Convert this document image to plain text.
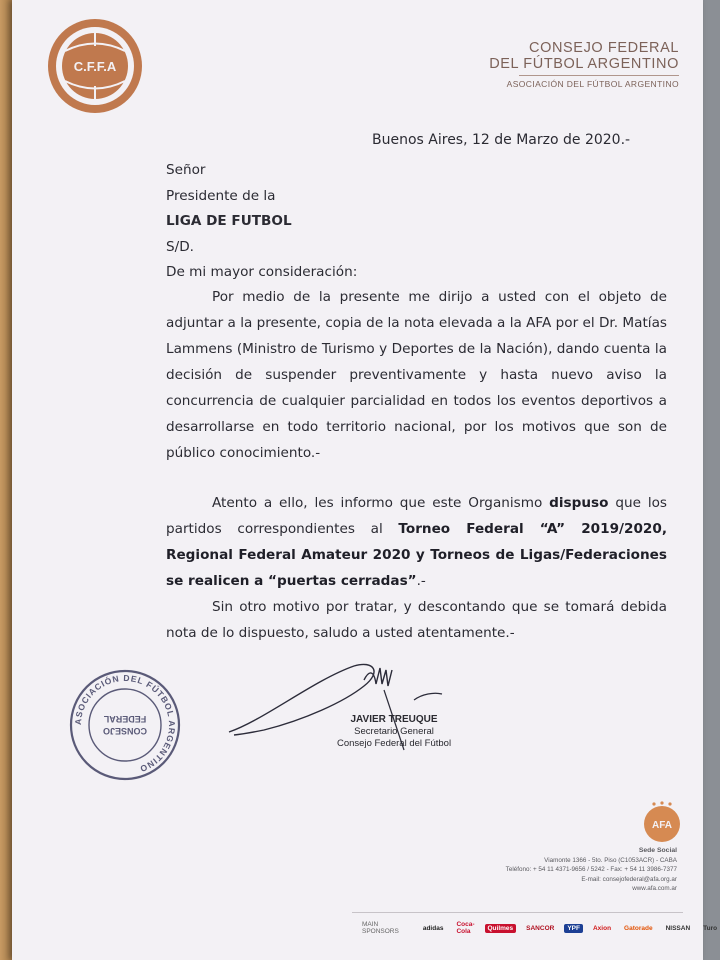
C.F.F.A
CONSEJO FEDERAL
DEL FÚTBOL ARGENTINO
ASOCIACIÓN DEL FÚTBOL ARGENTINO
Buenos Aires, 12 de Marzo de 2020.-
Señor
Presidente de la
LIGA DE FUTBOL
S/D.
De mi mayor consideración:
Por medio de la presente me dirijo a usted con el objeto de adjuntar a la presente, copia de la nota elevada a la AFA por el Dr. Matías Lammens (Ministro de Turismo y Deportes de la Nación), dando cuenta la decisión de suspender preventivamente y hasta nuevo aviso la concurrencia de cualquier parcialidad en todos los eventos deportivos a desarrollarse en todo territorio nacional, por los motivos que son de público conocimiento.-
Atento a ello, les informo que este Organismo dispuso que los partidos correspondientes al Torneo Federal “A” 2019/2020, Regional Federal Amateur 2020 y Torneos de Ligas/Federaciones se realicen a “puertas cerradas”.-
Sin otro motivo por tratar, y descontando que se tomará debida nota de lo dispuesto, saludo a usted atentamente.-
JAVIER TREUQUE
Secretario General
Consejo Federal del Fútbol
ASOCIACIÓN DEL FÚTBOL ARGENTINO
CONSEJO
FEDERAL
AFA
Sede Social
Viamonte 1366 - 5to. Piso (C1053ACR) - CABA
Teléfono: + 54 11 4371-9656 / 5242 - Fax: + 54 11 3986-7377
E-mail: consejofederal@afa.org.ar
www.afa.com.ar
MAIN SPONSORS	adidas	Coca-Cola	Quilmes	SANCOR	YPF	Axion	Gatorade	NISSAN	Turo
